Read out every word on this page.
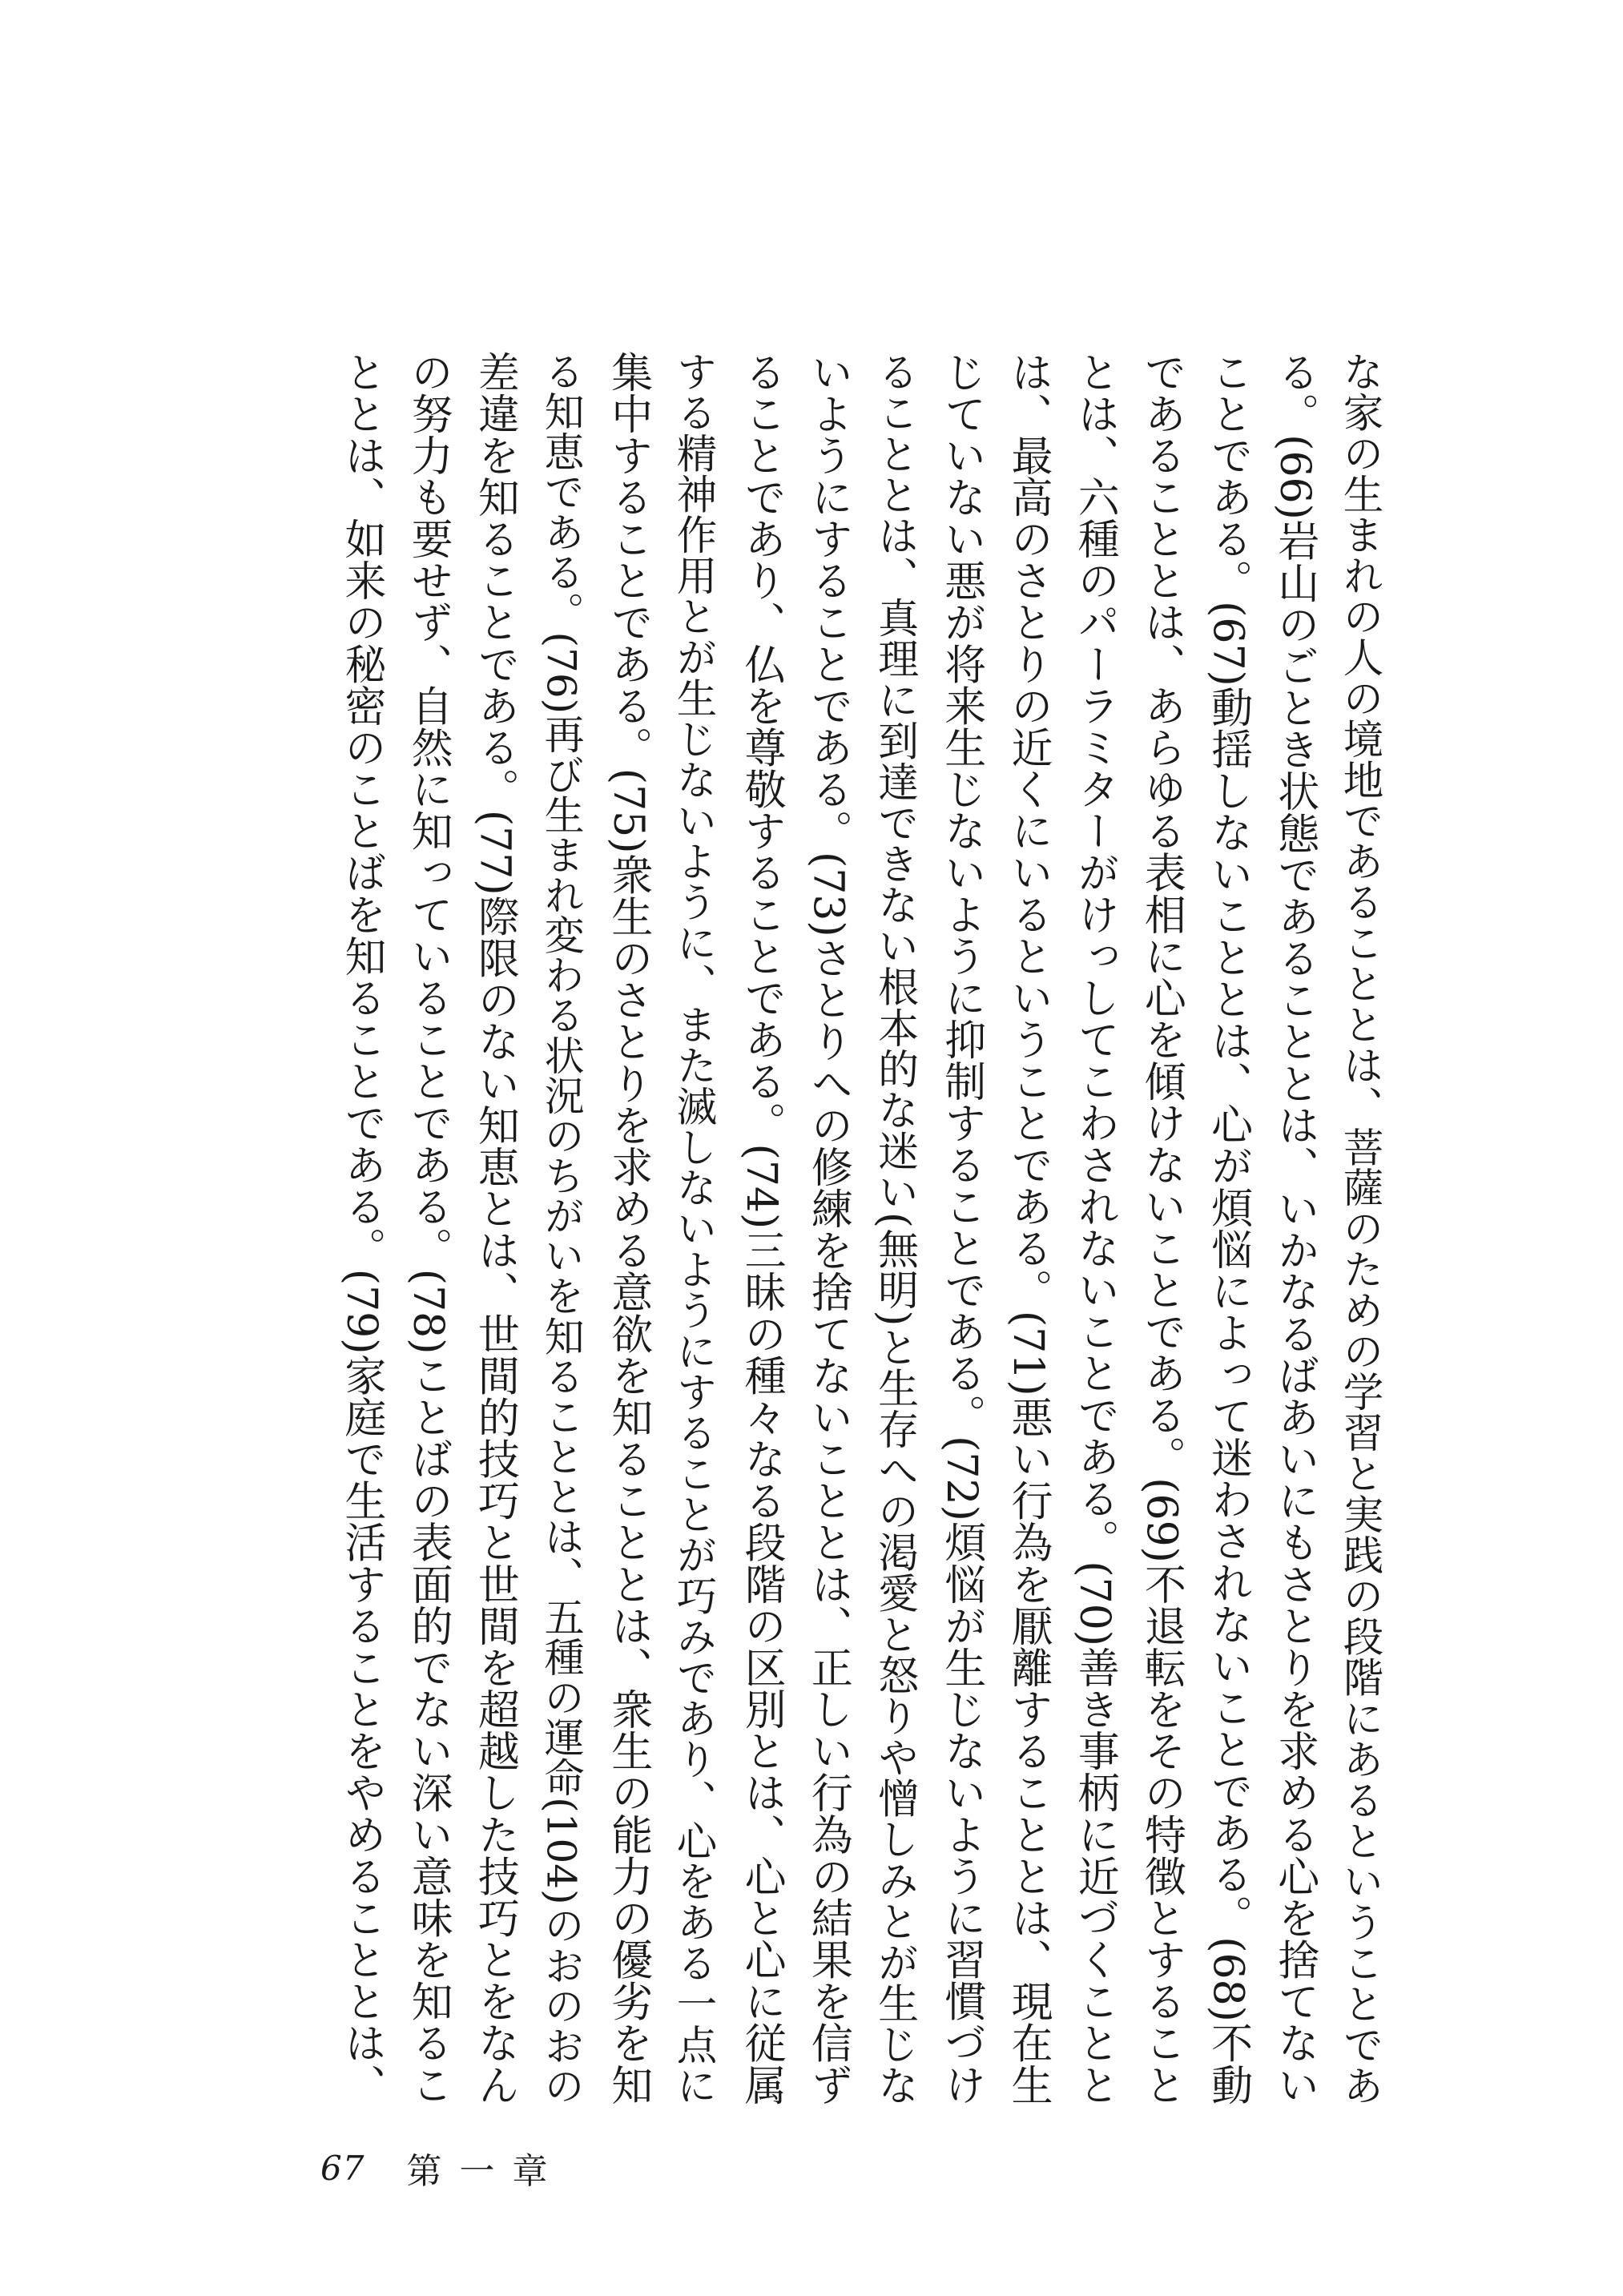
な家の生まれの人の境地であることとは、菩薩のための学習と実践の段階にあるということであ
る。(66)岩山のごとき状態であることとは、いかなるばあいにもさとりを求める心を捨てない
ことである。(67)動揺しないこととは、心が煩悩によって迷わされないことである。(68)不動
であることとは、あらゆる表相に心を傾けないことである。(69)不退転をその特徴とすること
とは、六種のパーラミターがけっしてこわされないことである。(70)善き事柄に近づくことと
は、最高のさとりの近くにいるということである。(71)悪い行為を厭離することとは、現在生
じていない悪が将来生じないように抑制することである。(72)煩悩が生じないように習慣づけ
ることとは、真理に到達できない根本的な迷い(無明)と生存への渇愛と怒りや憎しみとが生じな
いようにすることである。(73)さとりへの修練を捨てないこととは、正しい行為の結果を信ず
ることであり、仏を尊敬することである。(74)三昧の種々なる段階の区別とは、心と心に従属
する精神作用とが生じないように、また滅しないようにすることが巧みであり、心をある一点に
集中することである。(75)衆生のさとりを求める意欲を知ることとは、衆生の能力の優劣を知
る知恵である。(76)再び生まれ変わる状況のちがいを知ることとは、五種の運命(104)のおのおの
差違を知ることである。(77)際限のない知恵とは、世間的技巧と世間を超越した技巧とをなん
の努力も要せず、自然に知っていることである。(78)ことばの表面的でない深い意味を知るこ
ととは、如来の秘密のことばを知ることである。(79)家庭で生活することをやめることとは、
67 第一章
